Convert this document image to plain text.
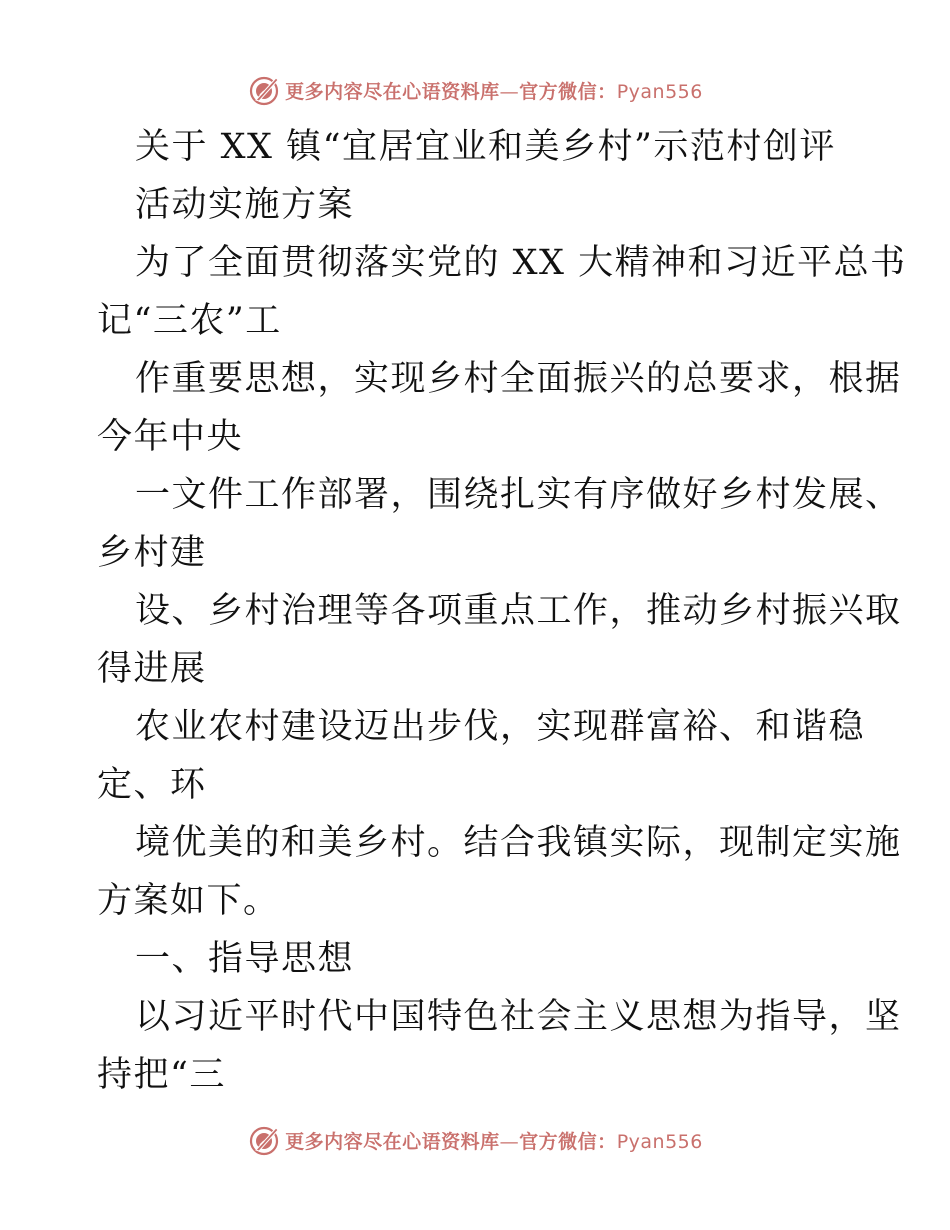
更多内容尽在心语资料库—官方微信：Pyan556
关于 XX 镇“宜居宜业和美乡村”示范村创评
活动实施方案
为了全面贯彻落实党的 XX 大精神和习近平总书
记“三农”工
作重要思想，实现乡村全面振兴的总要求，根据
今年中央
一文件工作部署，围绕扎实有序做好乡村发展、
乡村建
设、乡村治理等各项重点工作，推动乡村振兴取
得进展
农业农村建设迈出步伐，实现群富裕、和谐稳
定、环
境优美的和美乡村。结合我镇实际，现制定实施
方案如下。
一、指导思想
以习近平时代中国特色社会主义思想为指导，坚
持把“三
更多内容尽在心语资料库—官方微信：Pyan556
